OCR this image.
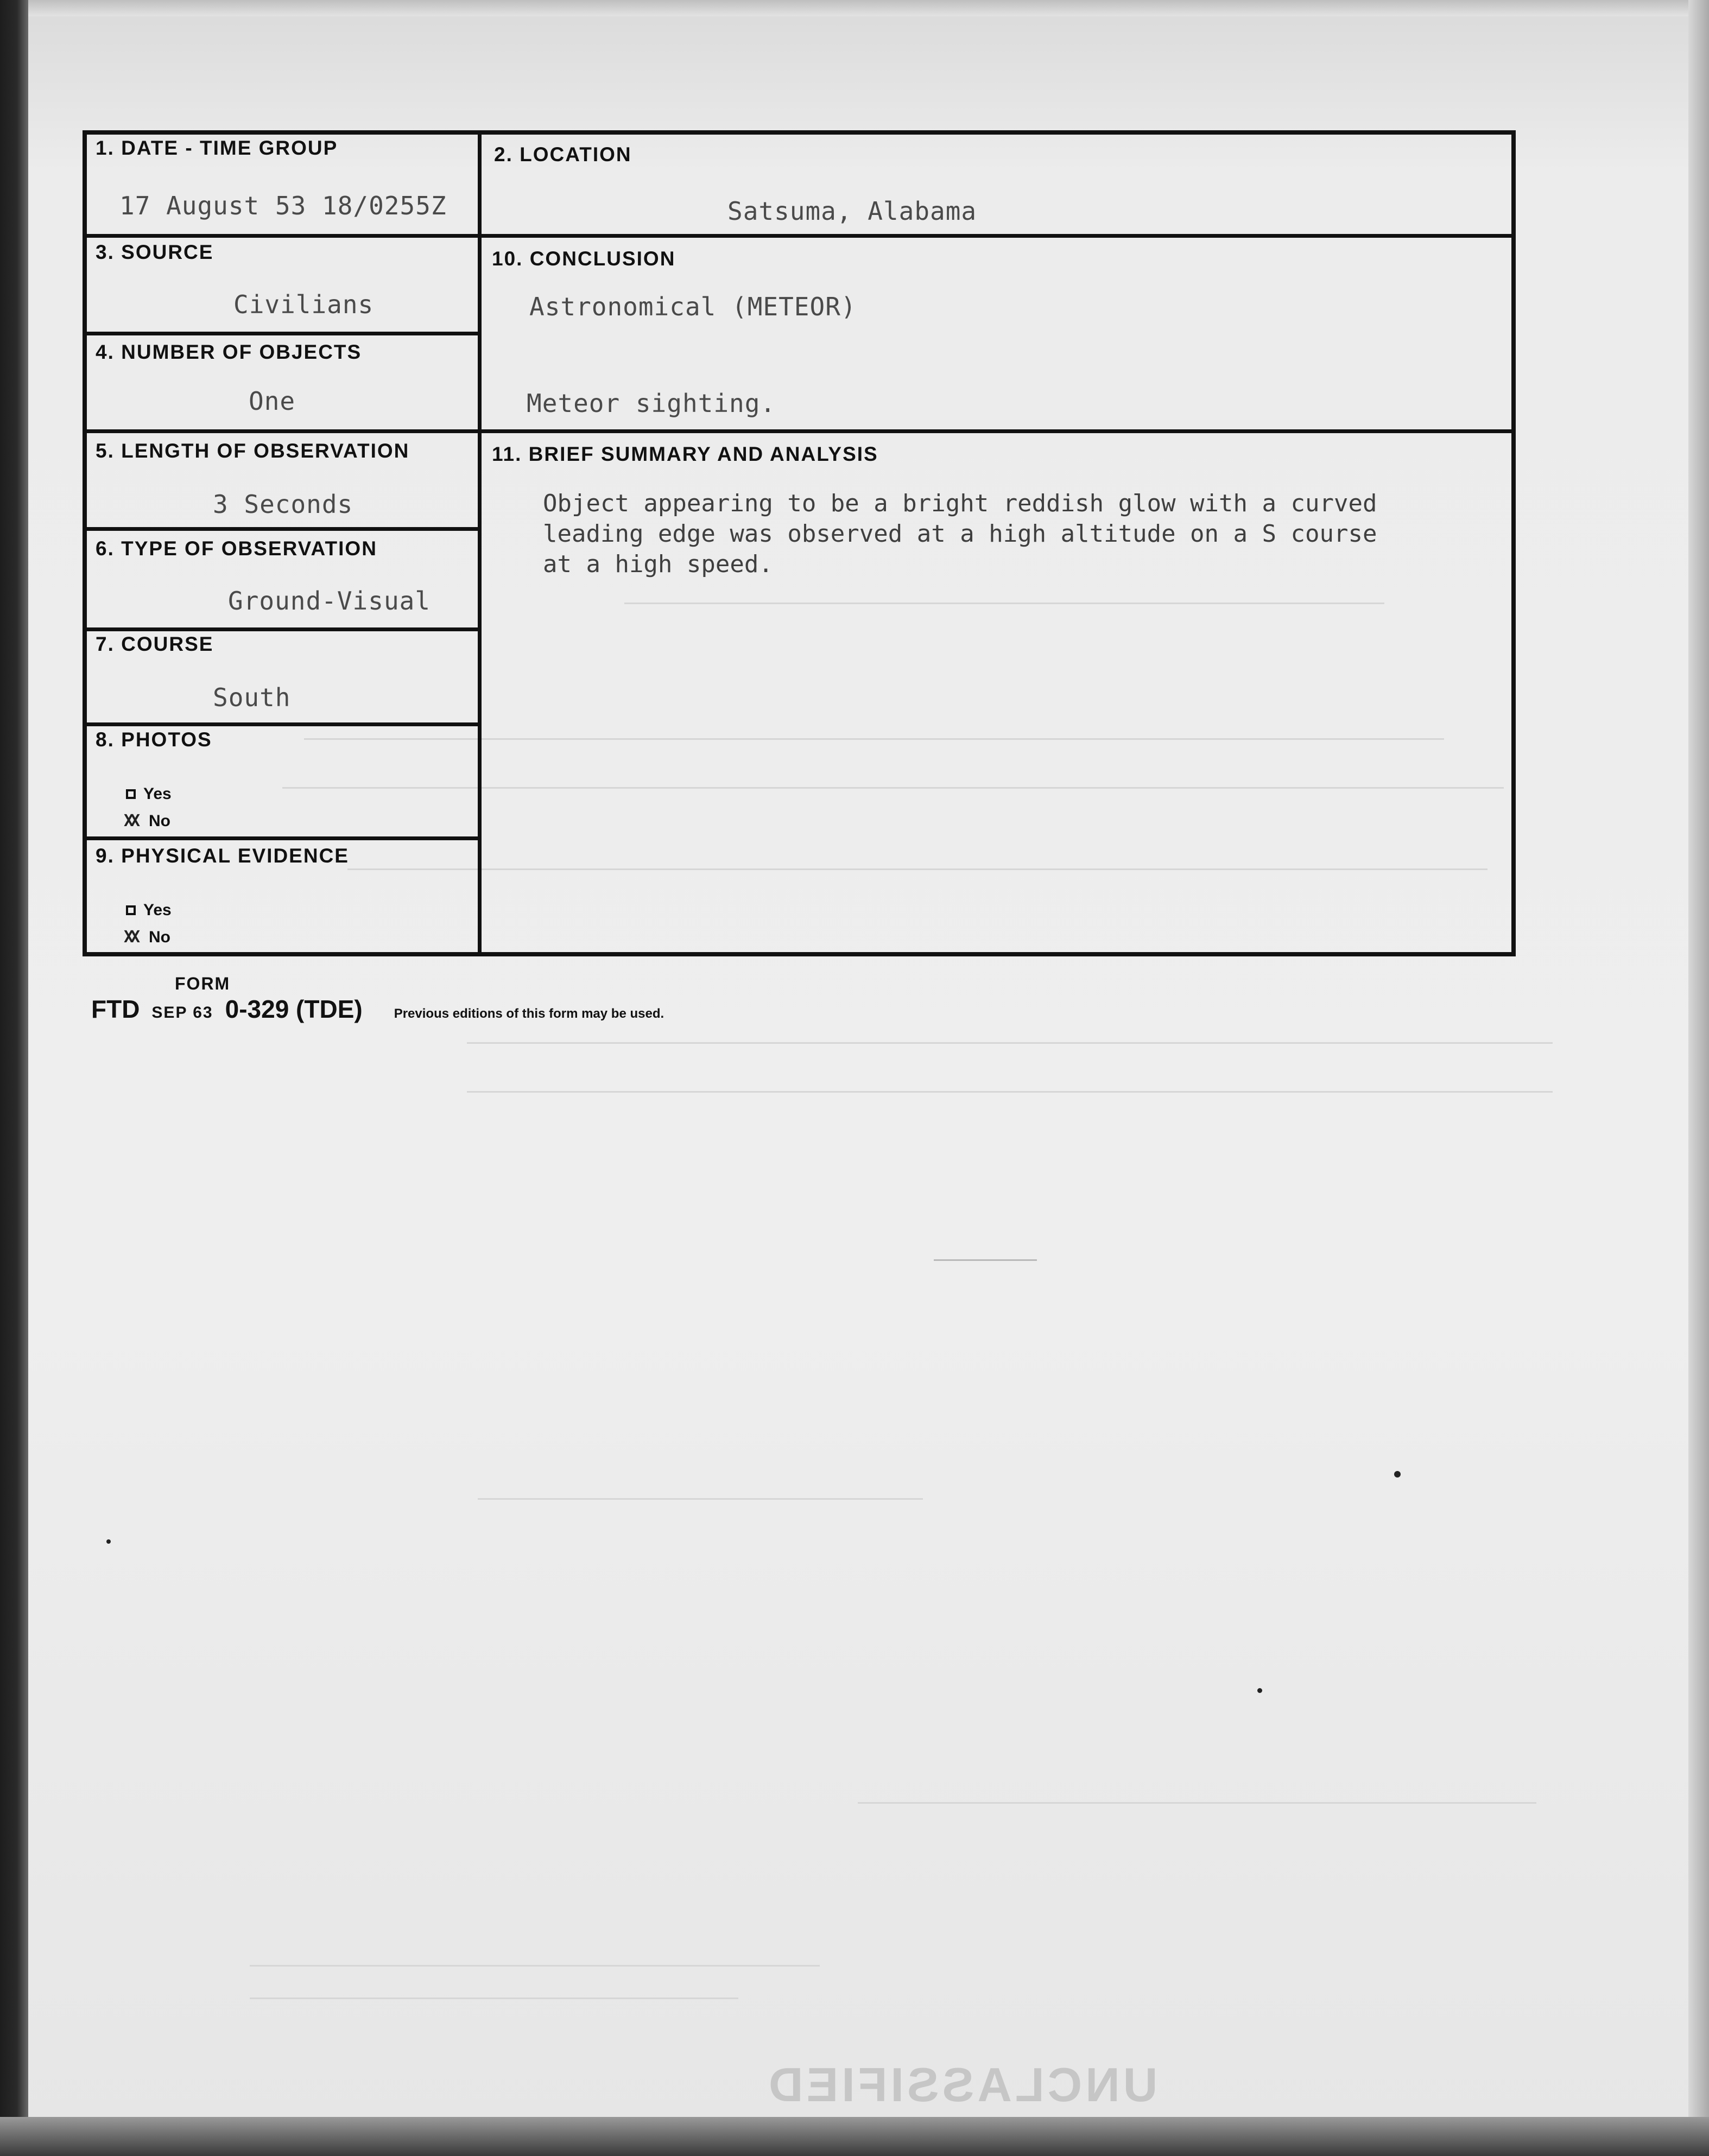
1. DATE - TIME GROUP
17 August 53 18/0255Z
2. LOCATION
Satsuma, Alabama
3. SOURCE
Civilians
10. CONCLUSION
Astronomical (METEOR)
Meteor sighting.
4. NUMBER OF OBJECTS
One
5. LENGTH OF OBSERVATION
3 Seconds
11. BRIEF SUMMARY AND ANALYSIS
Object appearing to be a bright reddish glow with a curved
leading edge was observed at a high altitude on a S course
at a high speed.
6. TYPE OF OBSERVATION
Ground-Visual
7. COURSE
South
8. PHOTOS
Yes
XX No
9. PHYSICAL EVIDENCE
Yes
XX No
FORM
FTD SEP 63 0-329 (TDE) Previous editions of this form may be used.
UNCLASSIFIED
